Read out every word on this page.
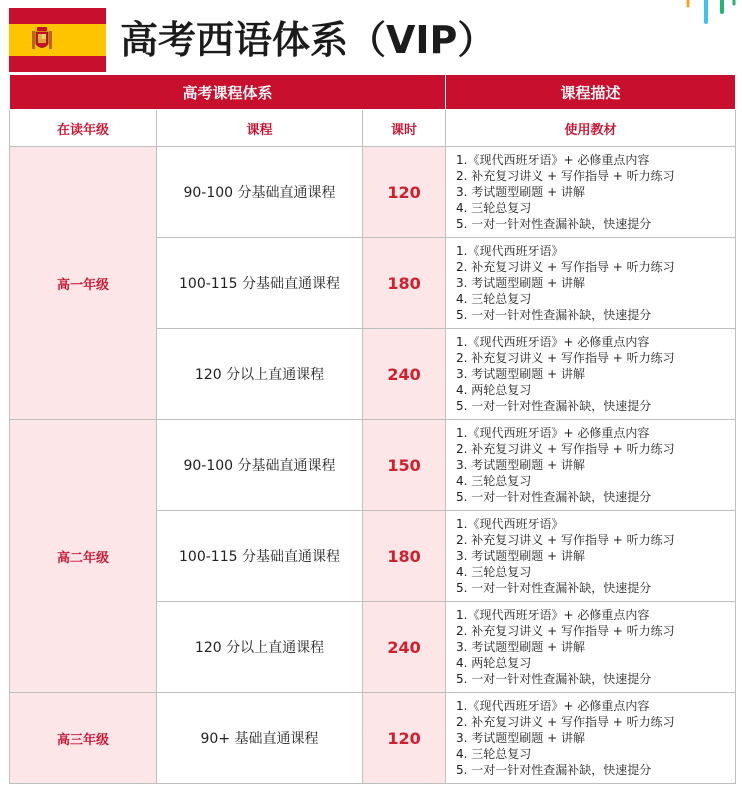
高考西语体系（VIP）
高考课程体系			课程描述
在读年级	课程	课时	使用教材
高一年级	90-100 分基础直通课程	120	1.《现代西班牙语》+ 必修重点内容
2. 补充复习讲义 + 写作指导 + 听力练习
3. 考试题型刷题 + 讲解
4. 三轮总复习
5. 一对一针对性查漏补缺，快速提分

	100-115 分基础直通课程	180	1.《现代西班牙语》
2. 补充复习讲义 + 写作指导 + 听力练习
3. 考试题型刷题 + 讲解
4. 三轮总复习
5. 一对一针对性查漏补缺，快速提分

	120 分以上直通课程	240	1.《现代西班牙语》+ 必修重点内容
2. 补充复习讲义 + 写作指导 + 听力练习
3. 考试题型刷题 + 讲解
4. 两轮总复习
5. 一对一针对性查漏补缺，快速提分

高二年级	90-100 分基础直通课程	150	1.《现代西班牙语》+ 必修重点内容
2. 补充复习讲义 + 写作指导 + 听力练习
3. 考试题型刷题 + 讲解
4. 三轮总复习
5. 一对一针对性查漏补缺，快速提分

	100-115 分基础直通课程	180	1.《现代西班牙语》
2. 补充复习讲义 + 写作指导 + 听力练习
3. 考试题型刷题 + 讲解
4. 三轮总复习
5. 一对一针对性查漏补缺，快速提分

	120 分以上直通课程	240	1.《现代西班牙语》+ 必修重点内容
2. 补充复习讲义 + 写作指导 + 听力练习
3. 考试题型刷题 + 讲解
4. 两轮总复习
5. 一对一针对性查漏补缺，快速提分

高三年级	90+ 基础直通课程	120	1.《现代西班牙语》+ 必修重点内容
2. 补充复习讲义 + 写作指导 + 听力练习
3. 考试题型刷题 + 讲解
4. 三轮总复习
5. 一对一针对性查漏补缺，快速提分
